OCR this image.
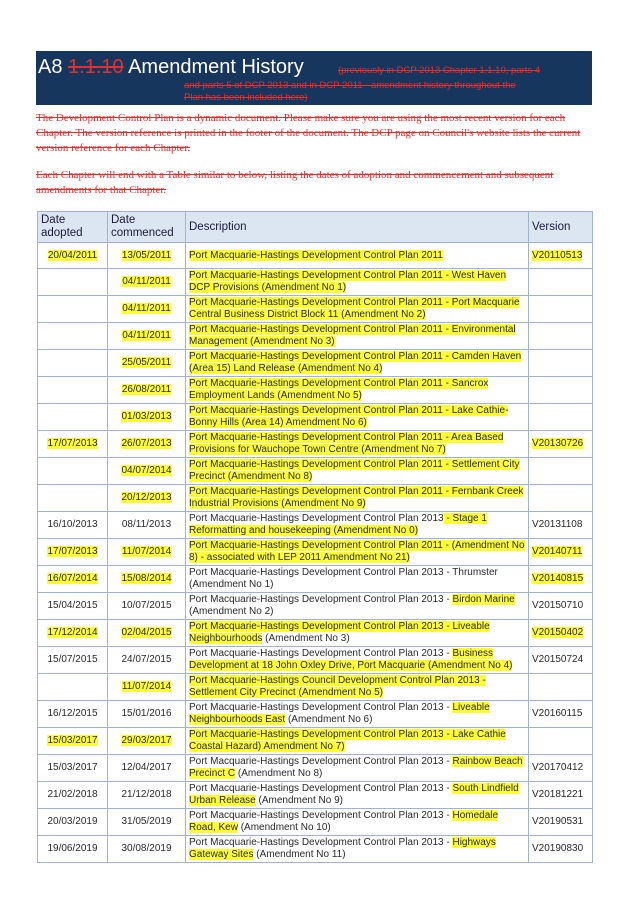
A8 1.1.10 Amendment History	(previously in DCP 2013 Chapter 1.1.10, parts 4
and parts 5 of DCP 2013 and in DCP 2011 - amendment history throughout the
Plan has been included here)

The Development Control Plan is a dynamic document. Please make sure you are using the most recent version for each Chapter. The version reference is printed in the footer of the document. The DCP page on Council's website lists the current version reference for each Chapter.

Each Chapter will end with a Table similar to below, listing the dates of adoption and commencement and subsequent amendments for that Chapter.

Date adopted	Date commenced	Description	Version
20/04/2011	13/05/2011	Port Macquarie-Hastings Development Control Plan 2011	V20110513
	04/11/2011	Port Macquarie-Hastings Development Control Plan 2011 - West Haven DCP Provisions (Amendment No 1)	
	04/11/2011	Port Macquarie-Hastings Development Control Plan 2011 - Port Macquarie Central Business District Block 11 (Amendment No 2)	
	04/11/2011	Port Macquarie-Hastings Development Control Plan 2011 - Environmental Management (Amendment No 3)	
	25/05/2011	Port Macquarie-Hastings Development Control Plan 2011 - Camden Haven (Area 15) Land Release (Amendment No 4)	
	26/08/2011	Port Macquarie-Hastings Development Control Plan 2011 - Sancrox Employment Lands (Amendment No 5)	
	01/03/2013	Port Macquarie-Hastings Development Control Plan 2011 - Lake Cathie-Bonny Hills (Area 14) Amendment No 6)	
17/07/2013	26/07/2013	Port Macquarie-Hastings Development Control Plan 2011 - Area Based Provisions for Wauchope Town Centre (Amendment No 7)	V20130726
	04/07/2014	Port Macquarie-Hastings Development Control Plan 2011 - Settlement City Precinct (Amendment No 8)	
	20/12/2013	Port Macquarie-Hastings Development Control Plan 2011 - Fernbank Creek Industrial Provisions (Amendment No 9)	
16/10/2013	08/11/2013	Port Macquarie-Hastings Development Control Plan 2013 - Stage 1 Reformatting and housekeeping (Amendment No 0)	V20131108
17/07/2013	11/07/2014	Port Macquarie-Hastings Development Control Plan 2011 - (Amendment No 8) - associated with LEP 2011 Amendment No 21)	V20140711
16/07/2014	15/08/2014	Port Macquarie-Hastings Development Control Plan 2013 - Thrumster (Amendment No 1)	V20140815
15/04/2015	10/07/2015	Port Macquarie-Hastings Development Control Plan 2013 - Birdon Marine (Amendment No 2)	V20150710
17/12/2014	02/04/2015	Port Macquarie-Hastings Development Control Plan 2013 - Liveable Neighbourhoods (Amendment No 3)	V20150402
15/07/2015	24/07/2015	Port Macquarie-Hastings Development Control Plan 2013 - Business Development at 18 John Oxley Drive, Port Macquarie (Amendment No 4)	V20150724
	11/07/2014	Port Macquarie-Hastings Council Development Control Plan 2013 - Settlement City Precinct (Amendment No 5)	
16/12/2015	15/01/2016	Port Macquarie-Hastings Development Control Plan 2013 - Liveable Neighbourhoods East (Amendment No 6)	V20160115
15/03/2017	29/03/2017	Port Macquarie-Hastings Development Control Plan 2013 - Lake Cathie Coastal Hazard) Amendment No 7)	
15/03/2017	12/04/2017	Port Macquarie-Hastings Development Control Plan 2013 - Rainbow Beach Precinct C (Amendment No 8)	V20170412
21/02/2018	21/12/2018	Port Macquarie-Hastings Development Control Plan 2013 - South Lindfield Urban Release (Amendment No 9)	V20181221
20/03/2019	31/05/2019	Port Macquarie-Hastings Development Control Plan 2013 - Homedale Road, Kew (Amendment No 10)	V20190531
19/06/2019	30/08/2019	Port Macquarie-Hastings Development Control Plan 2013 - Highways Gateway Sites (Amendment No 11)	V20190830
